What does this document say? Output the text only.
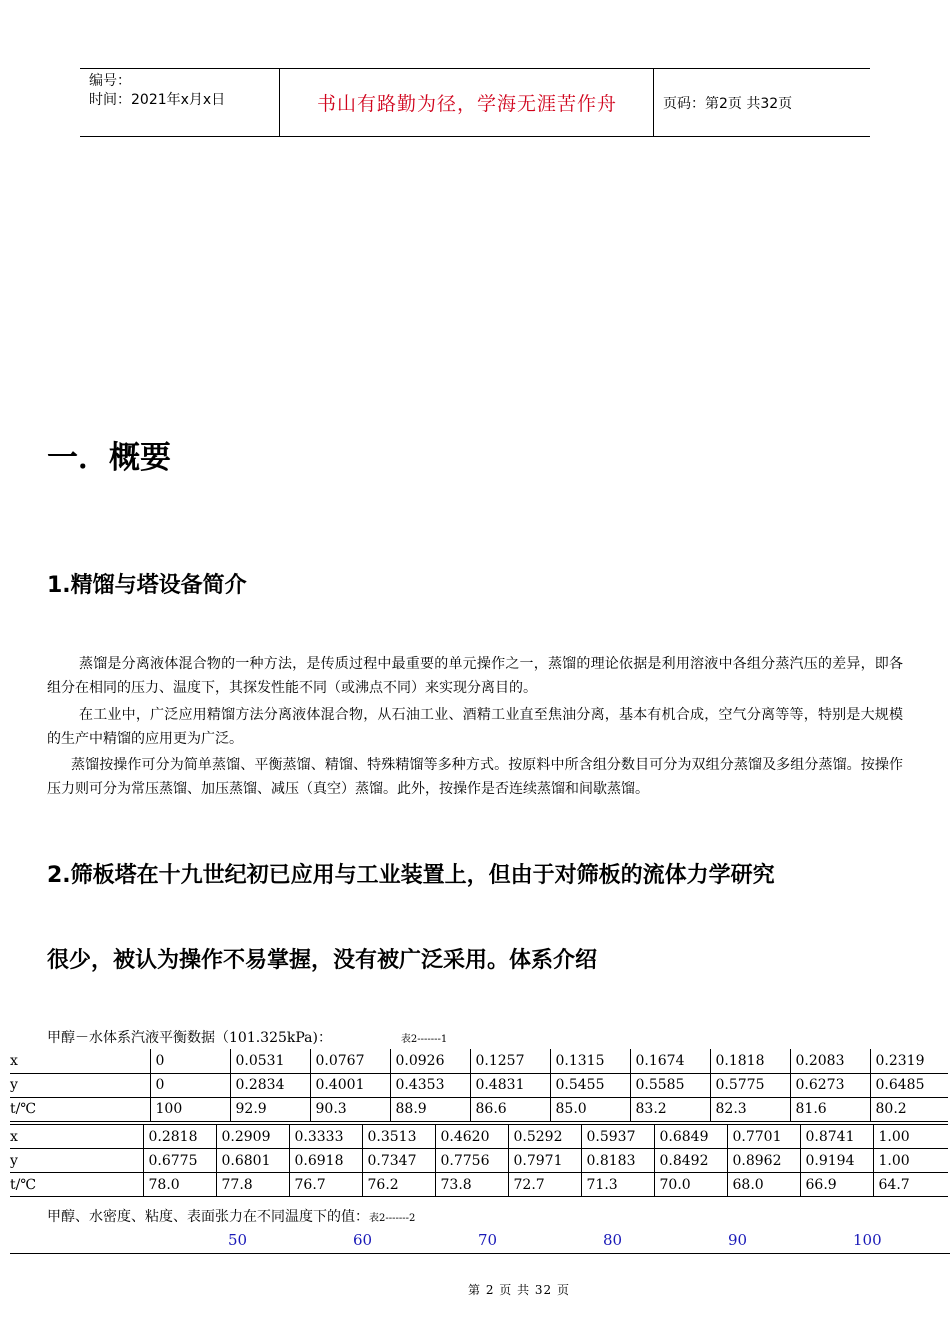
编号：
时间：2021年x月x日	书山有路勤为径，学海无涯苦作舟	页码：第2页 共32页
一．概要
1.精馏与塔设备简介
蒸馏是分离液体混合物的一种方法，是传质过程中最重要的单元操作之一，蒸馏的理论依据是利用溶液中各组分蒸汽压的差异，即各组分在相同的压力、温度下，其探发性能不同（或沸点不同）来实现分离目的。
在工业中，广泛应用精馏方法分离液体混合物，从石油工业、酒精工业直至焦油分离，基本有机合成，空气分离等等，特别是大规模的生产中精馏的应用更为广泛。
蒸馏按操作可分为简单蒸馏、平衡蒸馏、精馏、特殊精馏等多种方式。按原料中所含组分数目可分为双组分蒸馏及多组分蒸馏。按操作压力则可分为常压蒸馏、加压蒸馏、减压（真空）蒸馏。此外，按操作是否连续蒸馏和间歇蒸馏。
2.筛板塔在十九世纪初已应用与工业装置上，但由于对筛板的流体力学研究
很少，被认为操作不易掌握，没有被广泛采用。体系介绍
甲醇－水体系汽液平衡数据（101.325kPa)：	表2-------1
x	0	0.0531	0.0767	0.0926	0.1257	0.1315	0.1674	0.1818	0.2083	0.2319
y	0	0.2834	0.4001	0.4353	0.4831	0.5455	0.5585	0.5775	0.6273	0.6485
t/℃	100	92.9	90.3	88.9	86.6	85.0	83.2	82.3	81.6	80.2
x	0.2818	0.2909	0.3333	0.3513	0.4620	0.5292	0.5937	0.6849	0.7701	0.8741	1.00
y	0.6775	0.6801	0.6918	0.7347	0.7756	0.7971	0.8183	0.8492	0.8962	0.9194	1.00
t/℃	78.0	77.8	76.7	76.2	73.8	72.7	71.3	70.0	68.0	66.9	64.7
甲醇、水密度、粘度、表面张力在不同温度下的值：表2-------2
50	60	70	80	90	100
第 2 页 共 32 页
